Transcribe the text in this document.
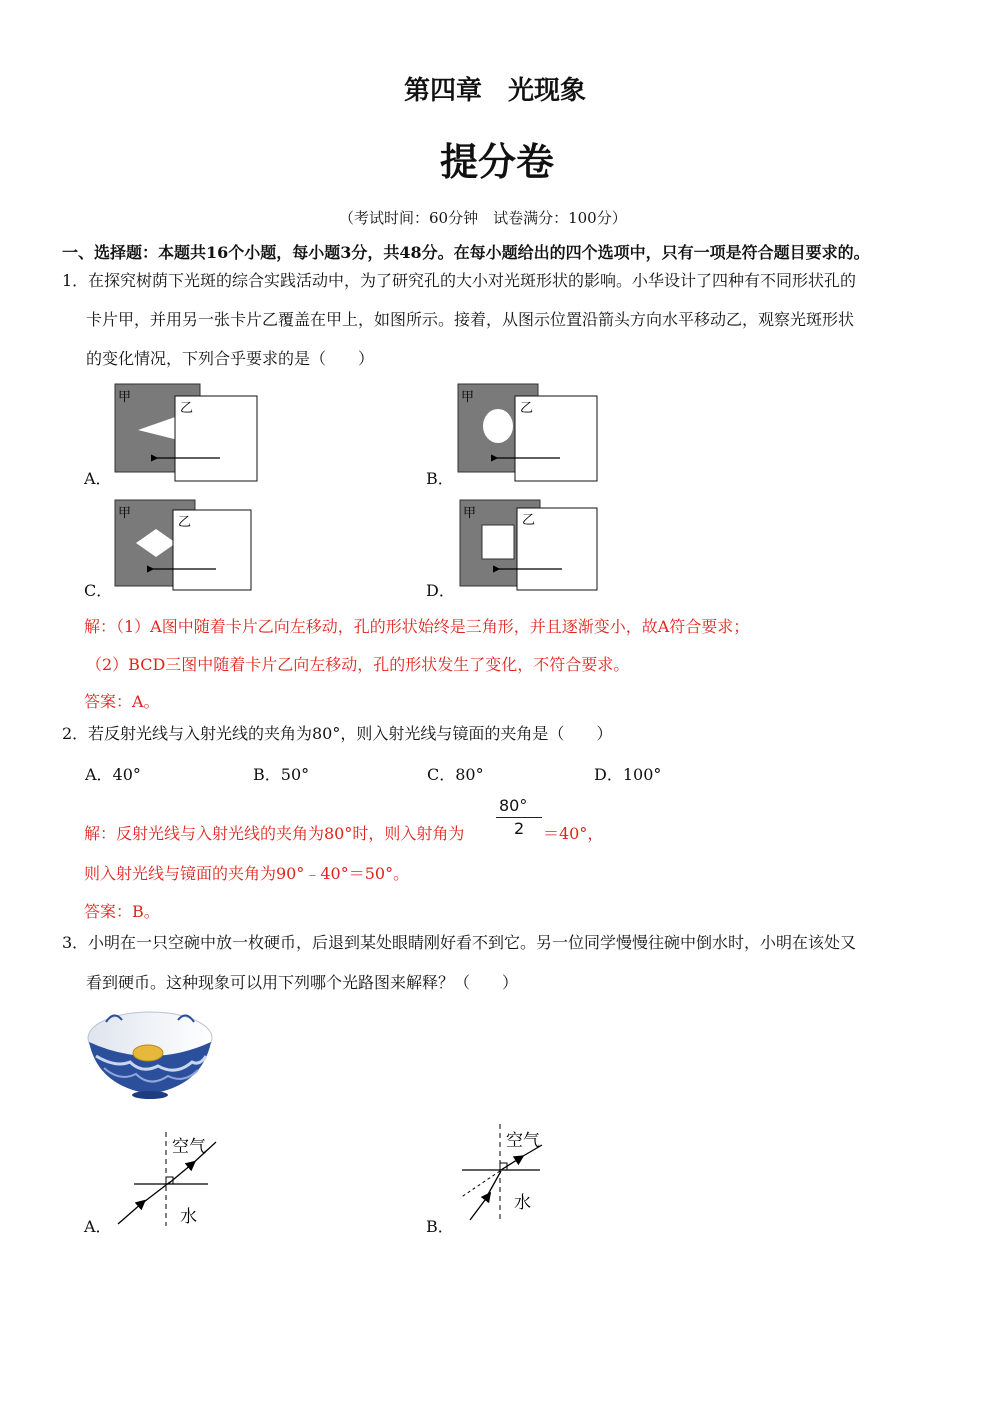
第四章　光现象
提分卷
（考试时间：60分钟　试卷满分：100分）
一、选择题：本题共16个小题，每小题3分，共48分。在每小题给出的四个选项中，只有一项是符合题目要求的。
1． 在探究树荫下光斑的综合实践活动中，为了研究孔的大小对光斑形状的影响。小华设计了四种有不同形状孔的
卡片甲，并用另一张卡片乙覆盖在甲上，如图所示。接着，从图示位置沿箭头方向水平移动乙，观察光斑形状
的变化情况，下列合乎要求的是（　　）
甲
乙
甲
乙
甲
乙
甲	乙
A．	B．
C．	D．
解：（1）A图中随着卡片乙向左移动，孔的形状始终是三角形，并且逐渐变小，故A符合要求；
（2）BCD三图中随着卡片乙向左移动，孔的形状发生了变化，不符合要求。
答案：A。
2． 若反射光线与入射光线的夹角为80°，则入射光线与镜面的夹角是（　　）
A．40°	B．50°	C．80°	D．100°
解：反射光线与入射光线的夹角为80°时，则入射角为
80°
2 ＝40°，
则入射光线与镜面的夹角为90°﹣40°＝50°。
答案：B。
3． 小明在一只空碗中放一枚硬币，后退到某处眼睛刚好看不到它。另一位同学慢慢往碗中倒水时，小明在该处又
看到硬币。这种现象可以用下列哪个光路图来解释？（　　）
空气
水
空气
水
A．	B．
